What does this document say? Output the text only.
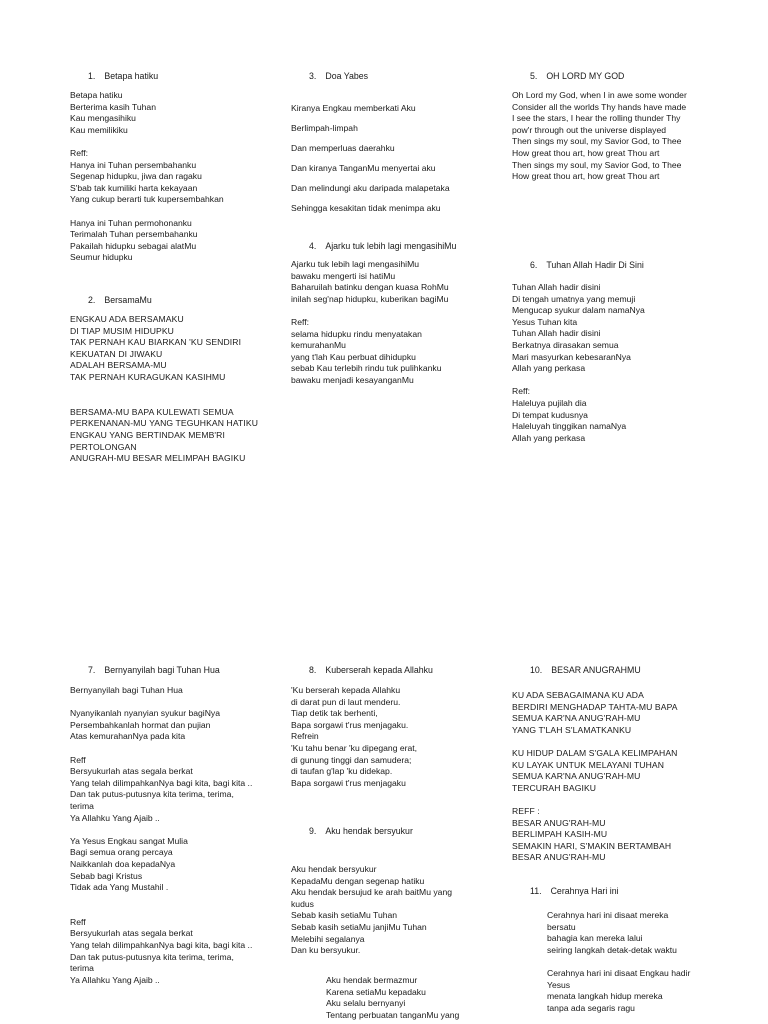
1. Betapa hatiku
Betapa hatiku
Berterima kasih Tuhan
Kau mengasihiku
Kau memilikiku
Reff:
Hanya ini Tuhan persembahanku
Segenap hidupku, jiwa dan ragaku
S'bab tak kumiliki harta kekayaan
Yang cukup berarti tuk kupersembahkan
Hanya ini Tuhan permohonanku
Terimalah Tuhan persembahanku
Pakailah hidupku sebagai alatMu
Seumur hidupku
2. BersamaMu
ENGKAU ADA BERSAMAKU
DI TIAP MUSIM HIDUPKU
TAK PERNAH KAU BIARKAN 'KU SENDIRI
KEKUATAN DI JIWAKU
ADALAH BERSAMA-MU
TAK PERNAH KURAGUKAN KASIHMU
BERSAMA-MU BAPA KULEWATI SEMUA
PERKENANAN-MU YANG TEGUHKAN HATIKU
ENGKAU YANG BERTINDAK MEMB'RI
PERTOLONGAN
ANUGRAH-MU BESAR MELIMPAH BAGIKU
3. Doa Yabes
Kiranya Engkau memberkati Aku
Berlimpah-limpah
Dan memperluas daerahku
Dan kiranya TanganMu menyertai aku
Dan melindungi aku daripada malapetaka
Sehingga kesakitan tidak menimpa aku
4. Ajarku tuk lebih lagi mengasihiMu
Ajarku tuk lebih lagi mengasihiMu
bawaku mengerti isi hatiMu
Baharuilah batinku dengan kuasa RohMu
inilah seg'nap hidupku, kuberikan bagiMu
Reff:
selama hidupku rindu menyatakan
kemurahanMu
yang t'lah Kau perbuat dihidupku
sebab Kau terlebih rindu tuk pulihkanku
bawaku menjadi kesayanganMu
5. OH LORD MY GOD
Oh Lord my God, when I in awe some wonder
Consider all the worlds Thy hands have made
I see the stars, I hear the rolling thunder Thy
pow'r through out the universe displayed
Then sings my soul, my Savior God, to Thee
How great thou art, how great Thou art
Then sings my soul, my Savior God, to Thee
How great thou art, how great Thou art
6. Tuhan Allah Hadir Di Sini
Tuhan Allah hadir disini
Di tengah umatnya yang memuji
Mengucap syukur dalam namaNya
Yesus Tuhan kita
Tuhan Allah hadir disini
Berkatnya dirasakan semua
Mari masyurkan kebesaranNya
Allah yang perkasa
Reff:
Haleluya pujilah dia
Di tempat kudusnya
Haleluyah tinggikan namaNya
Allah yang perkasa
7. Bernyanyilah bagi Tuhan Hua
Bernyanyilah bagi Tuhan Hua
Nyanyikanlah nyanyian syukur bagiNya
Persembahkanlah hormat dan pujian
Atas kemurahanNya pada kita
Reff
Bersyukurlah atas segala berkat
Yang telah dilimpahkanNya bagi kita, bagi kita ..
Dan tak putus-putusnya kita terima, terima,
terima
Ya Allahku Yang Ajaib ..
Ya Yesus Engkau sangat Mulia
Bagi semua orang percaya
Naikkanlah doa kepadaNya
Sebab bagi Kristus
Tidak ada Yang Mustahil .
Reff
Bersyukurlah atas segala berkat
Yang telah dilimpahkanNya bagi kita, bagi kita ..
Dan tak putus-putusnya kita terima, terima,
terima
Ya Allahku Yang Ajaib ..
8. Kuberserah kepada Allahku
'Ku berserah kepada Allahku
di darat pun di laut menderu.
Tiap detik tak berhenti,
Bapa sorgawi t'rus menjagaku.
Refrein
'Ku tahu benar 'ku dipegang erat,
di gunung tinggi dan samudera;
di taufan g'lap 'ku didekap.
Bapa sorgawi t'rus menjagaku
9. Aku hendak bersyukur
Aku hendak bersyukur
KepadaMu dengan segenap hatiku
Aku hendak bersujud ke arah baitMu yang
kudus
Sebab kasih setiaMu Tuhan
Sebab kasih setiaMu janjiMu Tuhan
Melebihi segalanya
Dan ku bersyukur.
Aku hendak bermazmur
Karena setiaMu kepadaku
Aku selalu bernyanyi
Tentang perbuatan tanganMu yang
10. BESAR ANUGRAHMU
KU ADA SEBAGAIMANA KU ADA
BERDIRI MENGHADAP TAHTA-MU BAPA
SEMUA KAR'NA ANUG'RAH-MU
YANG T'LAH S'LAMATKANKU
KU HIDUP DALAM S'GALA KELIMPAHAN
KU LAYAK UNTUK MELAYANI TUHAN
SEMUA KAR'NA ANUG'RAH-MU
TERCURAH BAGIKU
REFF :
BESAR ANUG'RAH-MU
BERLIMPAH KASIH-MU
SEMAKIN HARI, S'MAKIN BERTAMBAH
BESAR ANUG'RAH-MU
11. Cerahnya Hari ini
Cerahnya hari ini disaat mereka
bersatu
bahagia kan mereka lalui
seiring langkah detak-detak waktu
Cerahnya hari ini disaat Engkau hadir
Yesus
menata langkah hidup mereka
tanpa ada segaris ragu
